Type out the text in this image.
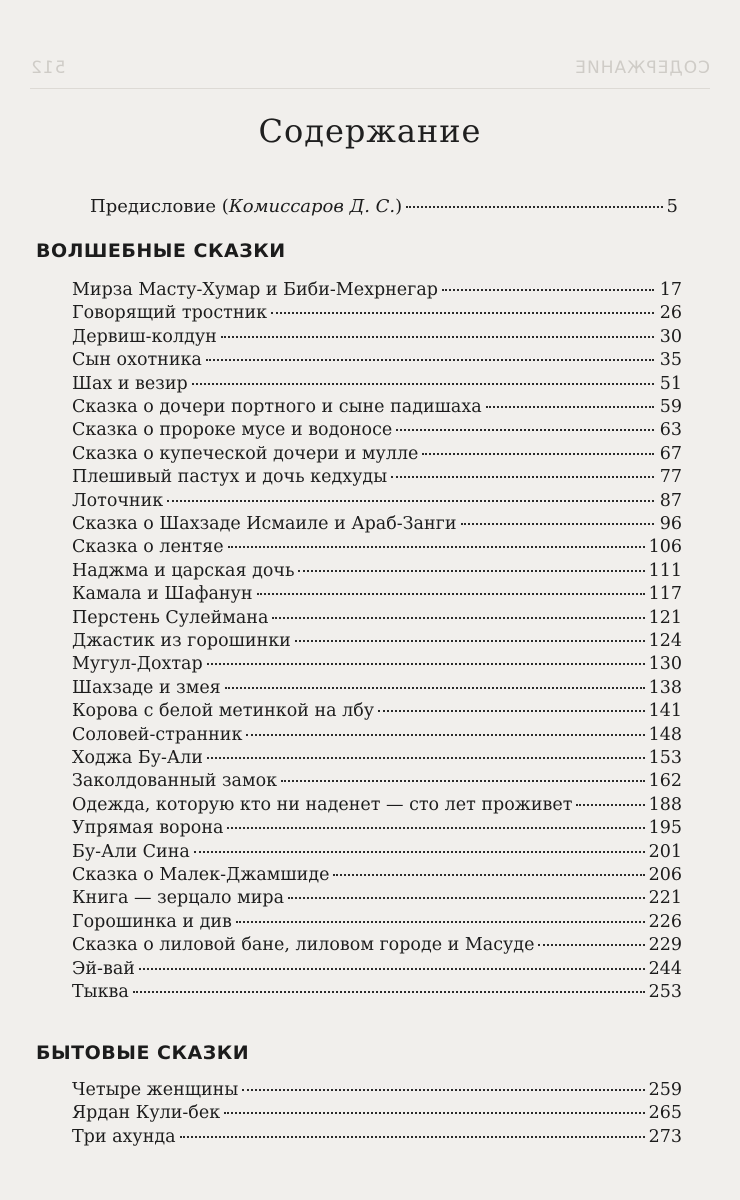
СОДЕРЖАНИЕ
512
Содержание
Предисловие ( Комиссаров Д. С. )	5
ВОЛШЕБНЫЕ СКАЗКИ
Мирза Масту-Хумар и Биби-Мехрнегар	17
Говорящий тростник	26
Дервиш-колдун	30
Сын охотника	35
Шах и везир	51
Сказка о дочери портного и сыне падишаха	59
Сказка о пророке мусе и водоносе	63
Сказка о купеческой дочери и мулле	67
Плешивый пастух и дочь кедхуды	77
Лоточник	87
Сказка о Шахзаде Исмаиле и Араб-Занги	96
Сказка о лентяе	106
Наджма и царская дочь	111
Камала и Шафанун	117
Перстень Сулеймана	121
Джастик из горошинки	124
Мугул-Дохтар	130
Шахзаде и змея	138
Корова с белой метинкой на лбу	141
Соловей-странник	148
Ходжа Бу-Али	153
Заколдованный замок	162
Одежда, которую кто ни наденет — сто лет проживет	188
Упрямая ворона	195
Бу-Али Сина	201
Сказка о Малек-Джамшиде	206
Книга — зерцало мира	221
Горошинка и див	226
Сказка о лиловой бане, лиловом городе и Масуде	229
Эй-вай	244
Тыква	253
БЫТОВЫЕ СКАЗКИ
Четыре женщины	259
Ярдан Кули-бек	265
Три ахунда	273
